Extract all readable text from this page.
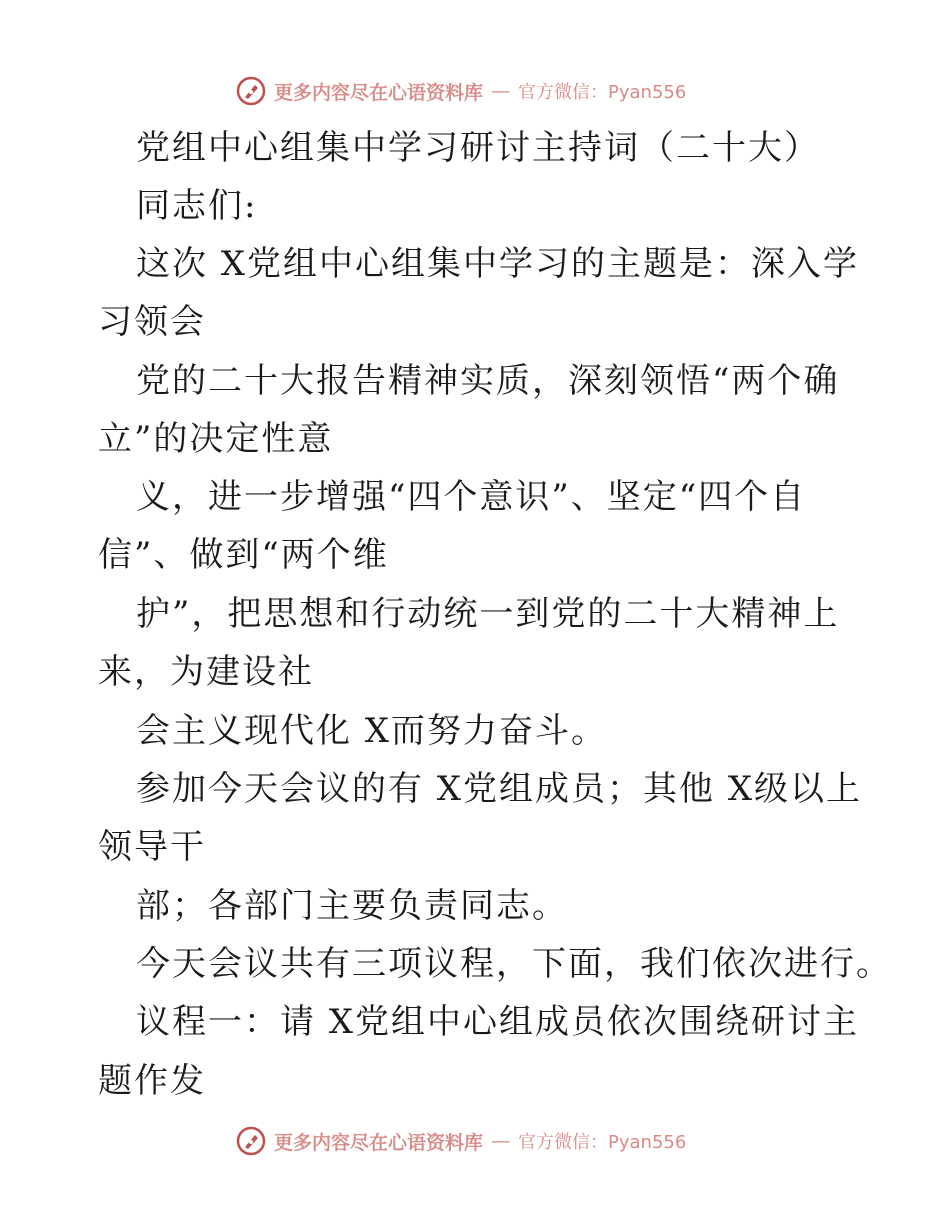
更多内容尽在心语资料库 — 官方微信：Pyan556
党组中心组集中学习研讨主持词（二十大）
同志们:
这次 X党组中心组集中学习的主题是：深入学
习领会
党的二十大报告精神实质，深刻领悟“两个确
立”的决定性意
义，进一步增强“四个意识”、坚定“四个自
信”、做到“两个维
护”，把思想和行动统一到党的二十大精神上
来，为建设社
会主义现代化 X而努力奋斗。
参加今天会议的有 X党组成员；其他 X级以上
领导干
部；各部门主要负责同志。
今天会议共有三项议程，下面，我们依次进行。
议程一：请 X党组中心组成员依次围绕研讨主
题作发
更多内容尽在心语资料库 — 官方微信：Pyan556
